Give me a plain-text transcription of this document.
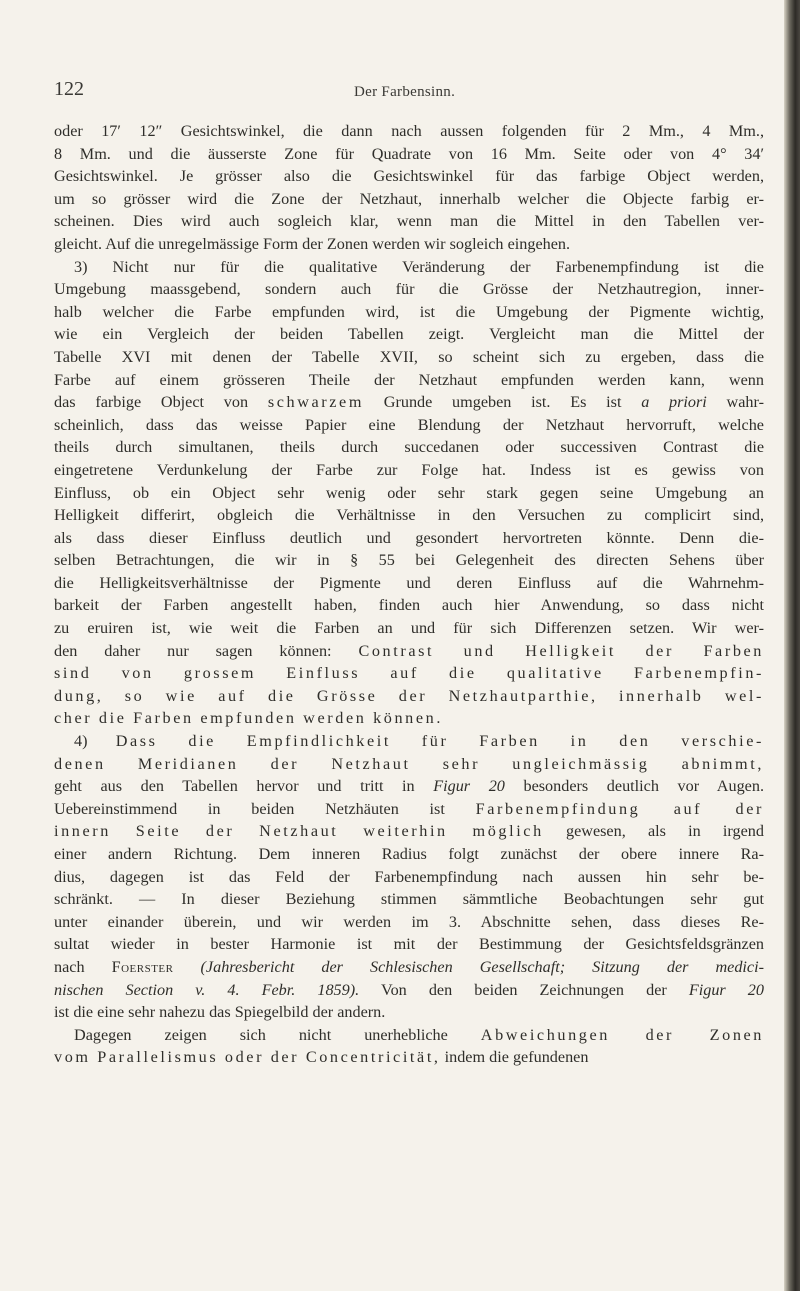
122	Der Farbensinn.
oder 17′ 12″ Gesichtswinkel, die dann nach aussen folgenden für 2 Mm., 4 Mm.,
8 Mm. und die äusserste Zone für Quadrate von 16 Mm. Seite oder von 4° 34′
Gesichtswinkel. Je grösser also die Gesichtswinkel für das farbige Object werden,
um so grösser wird die Zone der Netzhaut, innerhalb welcher die Objecte farbig er-
scheinen. Dies wird auch sogleich klar, wenn man die Mittel in den Tabellen ver-
gleicht. Auf die unregelmässige Form der Zonen werden wir sogleich eingehen.
3) Nicht nur für die qualitative Veränderung der Farbenempfindung ist die
Umgebung maassgebend, sondern auch für die Grösse der Netzhautregion, inner-
halb welcher die Farbe empfunden wird, ist die Umgebung der Pigmente wichtig,
wie ein Vergleich der beiden Tabellen zeigt. Vergleicht man die Mittel der
Tabelle XVI mit denen der Tabelle XVII, so scheint sich zu ergeben, dass die
Farbe auf einem grösseren Theile der Netzhaut empfunden werden kann, wenn
das farbige Object von schwarzem Grunde umgeben ist. Es ist a priori wahr-
scheinlich, dass das weisse Papier eine Blendung der Netzhaut hervorruft, welche
theils durch simultanen, theils durch succedanen oder successiven Contrast die
eingetretene Verdunkelung der Farbe zur Folge hat. Indess ist es gewiss von
Einfluss, ob ein Object sehr wenig oder sehr stark gegen seine Umgebung an
Helligkeit differirt, obgleich die Verhältnisse in den Versuchen zu complicirt sind,
als dass dieser Einfluss deutlich und gesondert hervortreten könnte. Denn die-
selben Betrachtungen, die wir in § 55 bei Gelegenheit des directen Sehens über
die Helligkeitsverhältnisse der Pigmente und deren Einfluss auf die Wahrnehm-
barkeit der Farben angestellt haben, finden auch hier Anwendung, so dass nicht
zu eruiren ist, wie weit die Farben an und für sich Differenzen setzen. Wir wer-
den daher nur sagen können: Contrast und Helligkeit der Farben
sind von grossem Einfluss auf die qualitative Farbenempfin-
dung, so wie auf die Grösse der Netzhautparthie, innerhalb wel-
cher die Farben empfunden werden können.
4) Dass die Empfindlichkeit für Farben in den verschie-
denen Meridianen der Netzhaut sehr ungleichmässig abnimmt,
geht aus den Tabellen hervor und tritt in Figur 20 besonders deutlich vor Augen.
Uebereinstimmend in beiden Netzhäuten ist Farbenempfindung auf der
innern Seite der Netzhaut weiterhin möglich gewesen, als in irgend
einer andern Richtung. Dem inneren Radius folgt zunächst der obere innere Ra-
dius, dagegen ist das Feld der Farbenempfindung nach aussen hin sehr be-
schränkt. — In dieser Beziehung stimmen sämmtliche Beobachtungen sehr gut
unter einander überein, und wir werden im 3. Abschnitte sehen, dass dieses Re-
sultat wieder in bester Harmonie ist mit der Bestimmung der Gesichtsfeldsgränzen
nach Foerster (Jahresbericht der Schlesischen Gesellschaft; Sitzung der medici-
nischen Section v. 4. Febr. 1859). Von den beiden Zeichnungen der Figur 20
ist die eine sehr nahezu das Spiegelbild der andern.
Dagegen zeigen sich nicht unerhebliche Abweichungen der Zonen
vom Parallelismus oder der Concentricität, indem die gefundenen
